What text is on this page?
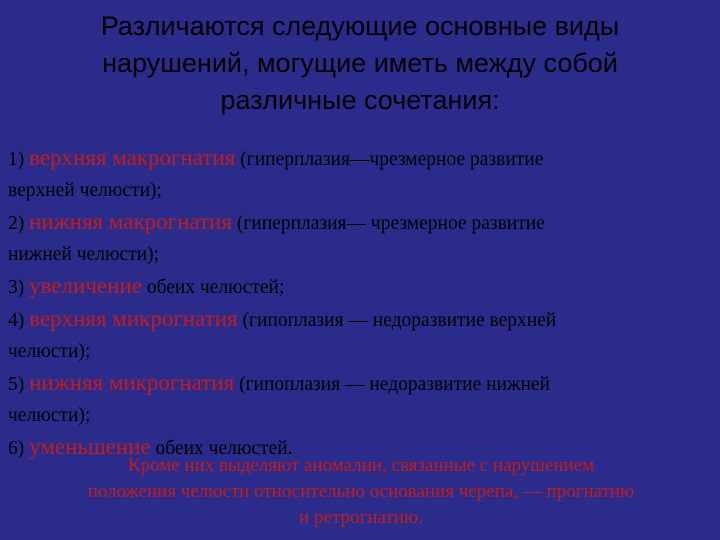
Различаются следующие основные виды
нарушений, могущие иметь между собой
различные сочетания:

1) верхняя макрогнатия (гиперплазия—чрезмерное развитие
верхней челюсти);

2) нижняя макрогнатия (гиперплазия— чрезмерное развитие
нижней челюсти);

3) увеличение обеих челюстей;

4) верхняя микрогнатия (гипоплазия — недоразвитие верхней
челюсти);

5) нижняя микрогнатия (гипоплазия — недоразвитие нижней
челюсти);

6) уменьшение обеих челюстей.

Кроме них выделяют аномалии, связанные с нарушением
положения челюсти относительно основания черепа, — прогнатию
и ретрогнатию.
